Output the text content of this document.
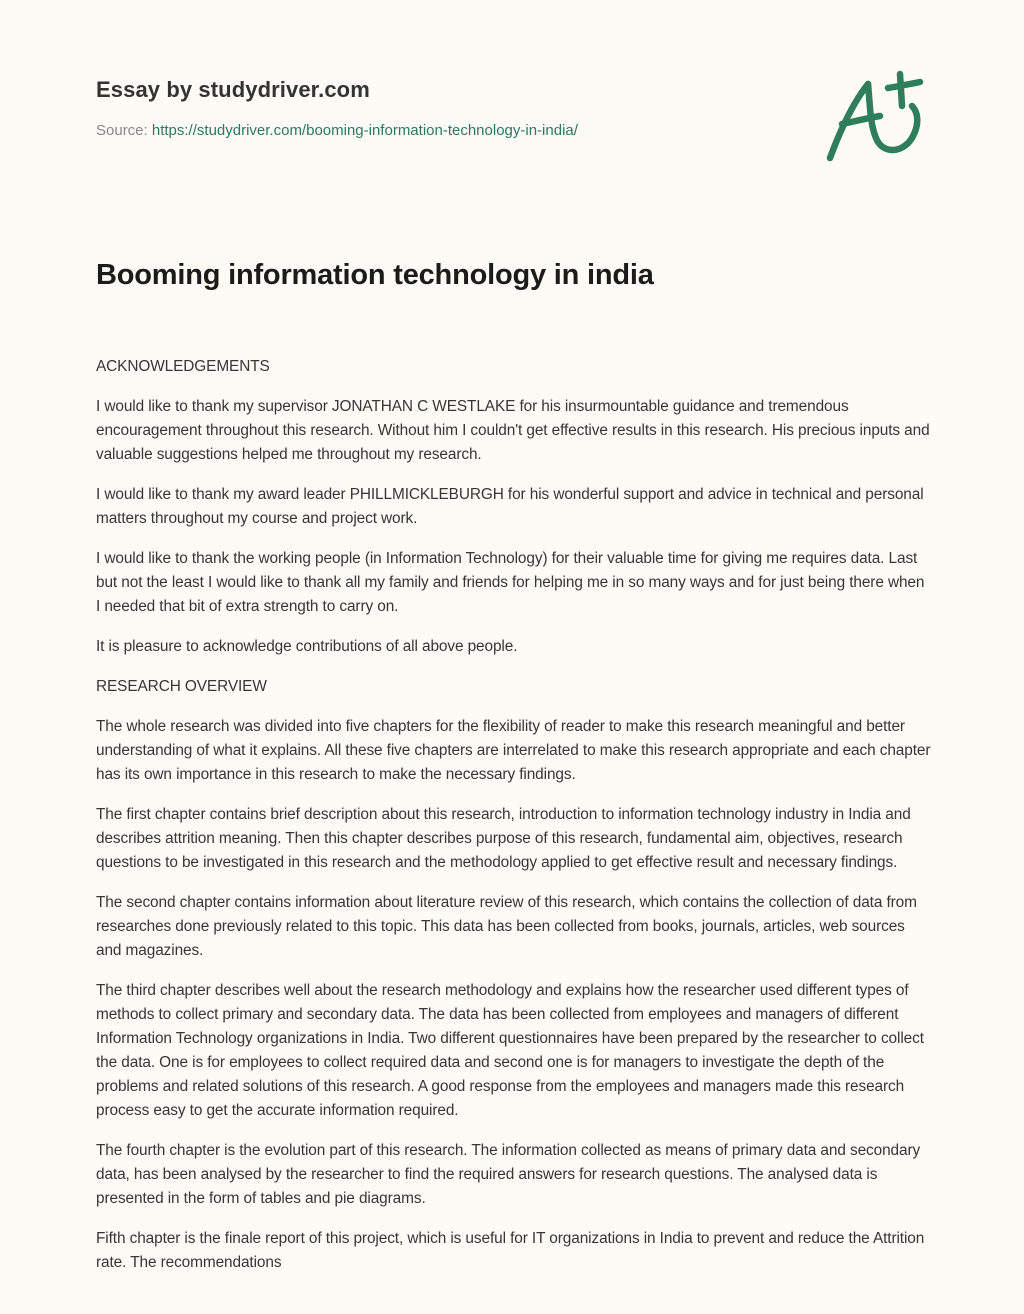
Essay by studydriver.com
Source: https://studydriver.com/booming-information-technology-in-india/
Booming information technology in india

ACKNOWLEDGEMENTS

I would like to thank my supervisor JONATHAN C WESTLAKE for his insurmountable guidance and tremendous encouragement throughout this research. Without him I couldn't get effective results in this research. His precious inputs and valuable suggestions helped me throughout my research.

I would like to thank my award leader PHILLMICKLEBURGH for his wonderful support and advice in technical and personal matters throughout my course and project work.

I would like to thank the working people (in Information Technology) for their valuable time for giving me requires data. Last but not the least I would like to thank all my family and friends for helping me in so many ways and for just being there when I needed that bit of extra strength to carry on.

It is pleasure to acknowledge contributions of all above people.

RESEARCH OVERVIEW

The whole research was divided into five chapters for the flexibility of reader to make this research meaningful and better understanding of what it explains. All these five chapters are interrelated to make this research appropriate and each chapter has its own importance in this research to make the necessary findings.

The first chapter contains brief description about this research, introduction to information technology industry in India and describes attrition meaning. Then this chapter describes purpose of this research, fundamental aim, objectives, research questions to be investigated in this research and the methodology applied to get effective result and necessary findings.

The second chapter contains information about literature review of this research, which contains the collection of data from researches done previously related to this topic. This data has been collected from books, journals, articles, web sources and magazines.

The third chapter describes well about the research methodology and explains how the researcher used different types of methods to collect primary and secondary data. The data has been collected from employees and managers of different Information Technology organizations in India. Two different questionnaires have been prepared by the researcher to collect the data. One is for employees to collect required data and second one is for managers to investigate the depth of the problems and related solutions of this research. A good response from the employees and managers made this research process easy to get the accurate information required.

The fourth chapter is the evolution part of this research. The information collected as means of primary data and secondary data, has been analysed by the researcher to find the required answers for research questions. The analysed data is presented in the form of tables and pie diagrams.

Fifth chapter is the finale report of this project, which is useful for IT organizations in India to prevent and reduce the Attrition rate. The recommendations
